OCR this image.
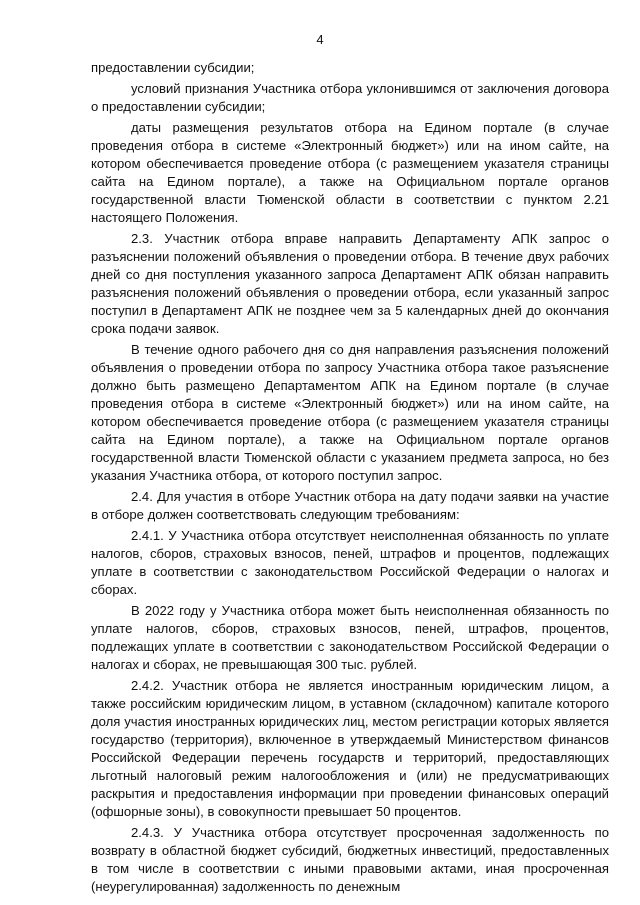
4

предоставлении субсидии;

условий признания Участника отбора уклонившимся от заключения договора о предоставлении субсидии;

даты размещения результатов отбора на Едином портале (в случае проведения отбора в системе «Электронный бюджет») или на ином сайте, на котором обеспечивается проведение отбора (с размещением указателя страницы сайта на Едином портале), а также на Официальном портале органов государственной власти Тюменской области в соответствии с пунктом 2.21 настоящего Положения.

2.3. Участник отбора вправе направить Департаменту АПК запрос о разъяснении положений объявления о проведении отбора. В течение двух рабочих дней со дня поступления указанного запроса Департамент АПК обязан направить разъяснения положений объявления о проведении отбора, если указанный запрос поступил в Департамент АПК не позднее чем за 5 календарных дней до окончания срока подачи заявок.

В течение одного рабочего дня со дня направления разъяснения положений объявления о проведении отбора по запросу Участника отбора такое разъяснение должно быть размещено Департаментом АПК на Едином портале (в случае проведения отбора в системе «Электронный бюджет») или на ином сайте, на котором обеспечивается проведение отбора (с размещением указателя страницы сайта на Едином портале), а также на Официальном портале органов государственной власти Тюменской области с указанием предмета запроса, но без указания Участника отбора, от которого поступил запрос.

2.4. Для участия в отборе Участник отбора на дату подачи заявки на участие в отборе должен соответствовать следующим требованиям:

2.4.1. У Участника отбора отсутствует неисполненная обязанность по уплате налогов, сборов, страховых взносов, пеней, штрафов и процентов, подлежащих уплате в соответствии с законодательством Российской Федерации о налогах и сборах.

В 2022 году у Участника отбора может быть неисполненная обязанность по уплате налогов, сборов, страховых взносов, пеней, штрафов, процентов, подлежащих уплате в соответствии с законодательством Российской Федерации о налогах и сборах, не превышающая 300 тыс. рублей.

2.4.2. Участник отбора не является иностранным юридическим лицом, а также российским юридическим лицом, в уставном (складочном) капитале которого доля участия иностранных юридических лиц, местом регистрации которых является государство (территория), включенное в утверждаемый Министерством финансов Российской Федерации перечень государств и территорий, предоставляющих льготный налоговый режим налогообложения и (или) не предусматривающих раскрытия и предоставления информации при проведении финансовых операций (офшорные зоны), в совокупности превышает 50 процентов.

2.4.3. У Участника отбора отсутствует просроченная задолженность по возврату в областной бюджет субсидий, бюджетных инвестиций, предоставленных в том числе в соответствии с иными правовыми актами, иная просроченная (неурегулированная) задолженность по денежным
